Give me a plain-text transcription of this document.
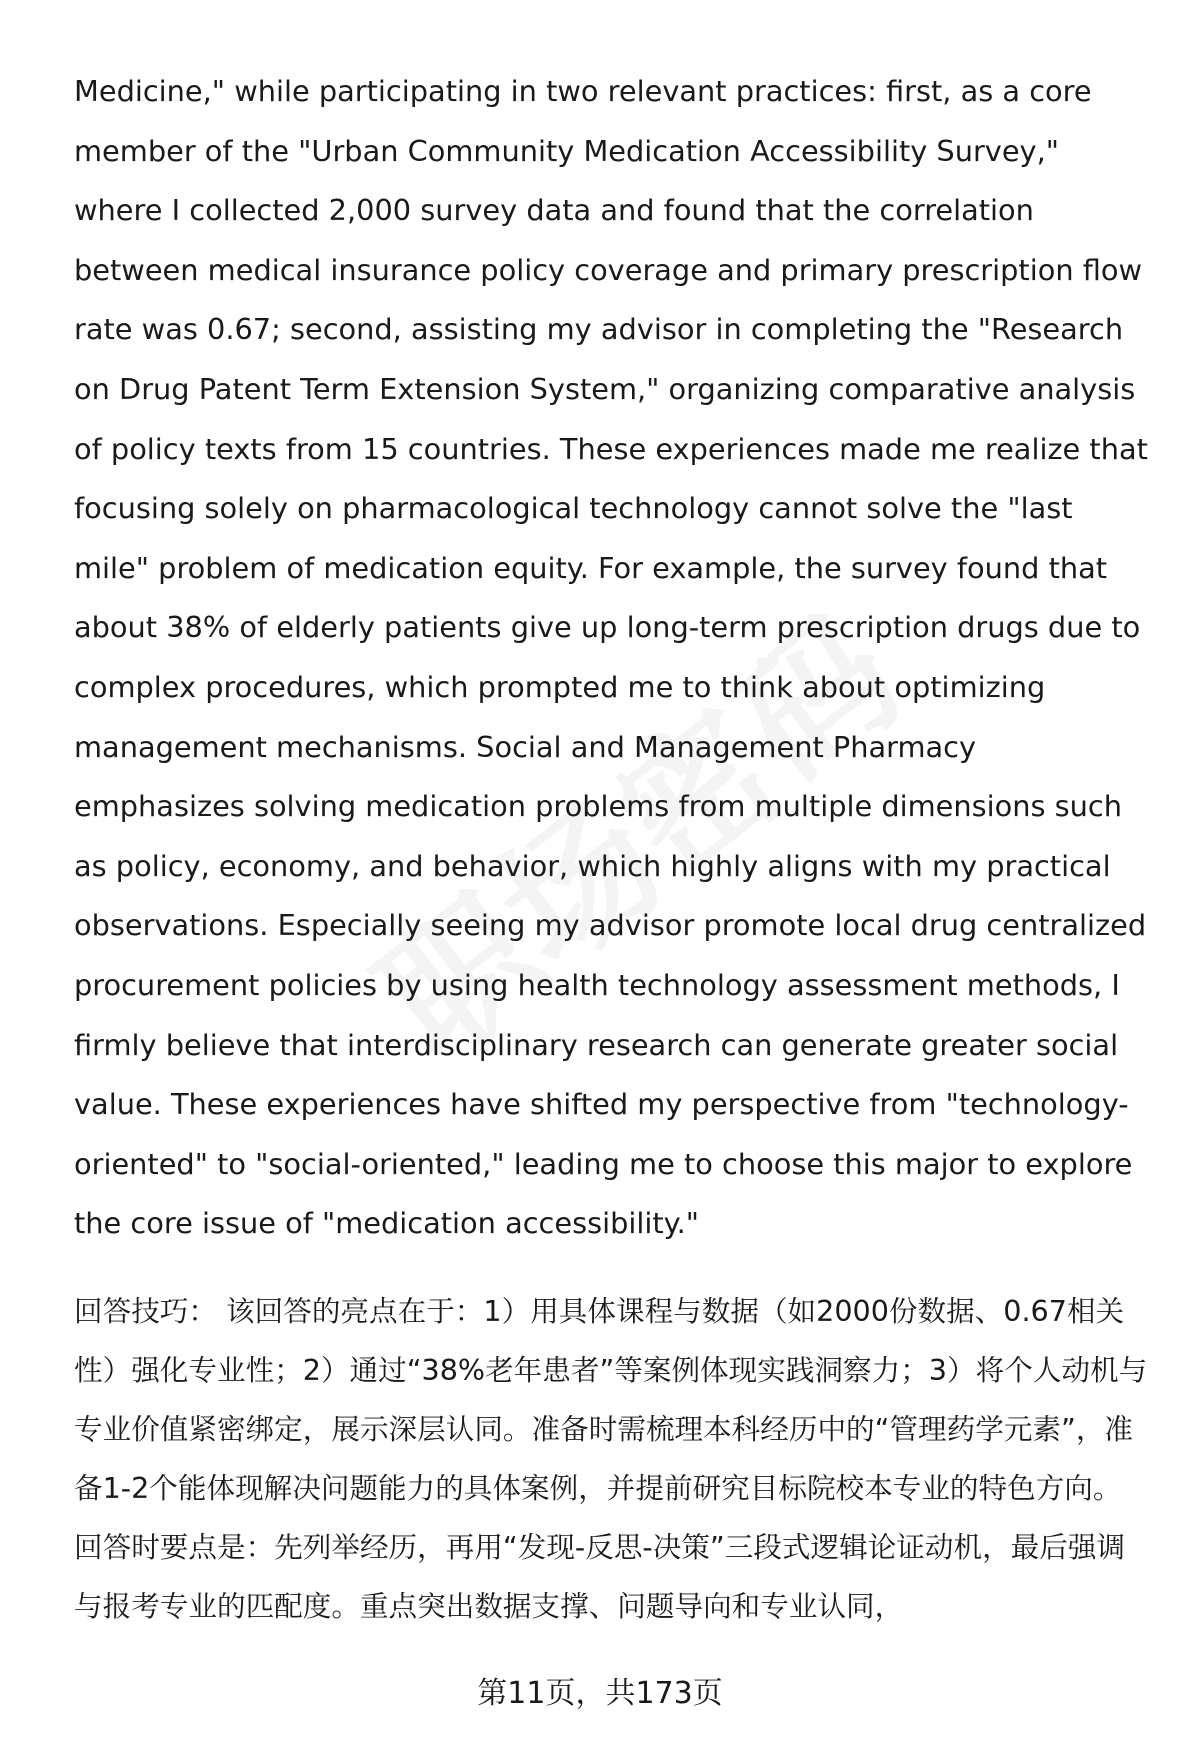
Medicine," while participating in two relevant practices: first, as a core member of the "Urban Community Medication Accessibility Survey," where I collected 2,000 survey data and found that the correlation between medical insurance policy coverage and primary prescription flow rate was 0.67; second, assisting my advisor in completing the "Research on Drug Patent Term Extension System," organizing comparative analysis of policy texts from 15 countries. These experiences made me realize that focusing solely on pharmacological technology cannot solve the "last mile" problem of medication equity. For example, the survey found that about 38% of elderly patients give up long-term prescription drugs due to complex procedures, which prompted me to think about optimizing management mechanisms. Social and Management Pharmacy emphasizes solving medication problems from multiple dimensions such as policy, economy, and behavior, which highly aligns with my practical observations. Especially seeing my advisor promote local drug centralized procurement policies by using health technology assessment methods, I firmly believe that interdisciplinary research can generate greater social value. These experiences have shifted my perspective from "technology-oriented" to "social-oriented," leading me to choose this major to explore the core issue of "medication accessibility."

回答技巧： 该回答的亮点在于：1）用具体课程与数据（如2000份数据、0.67相关性）强化专业性；2）通过“38%老年患者”等案例体现实践洞察力；3）将个人动机与专业价值紧密绑定，展示深层认同。准备时需梳理本科经历中的“管理药学元素”，准备1-2个能体现解决问题能力的具体案例，并提前研究目标院校本专业的特色方向。回答时要点是：先列举经历，再用“发现-反思-决策”三段式逻辑论证动机，最后强调与报考专业的匹配度。重点突出数据支撑、问题导向和专业认同，

第11页，共173页
